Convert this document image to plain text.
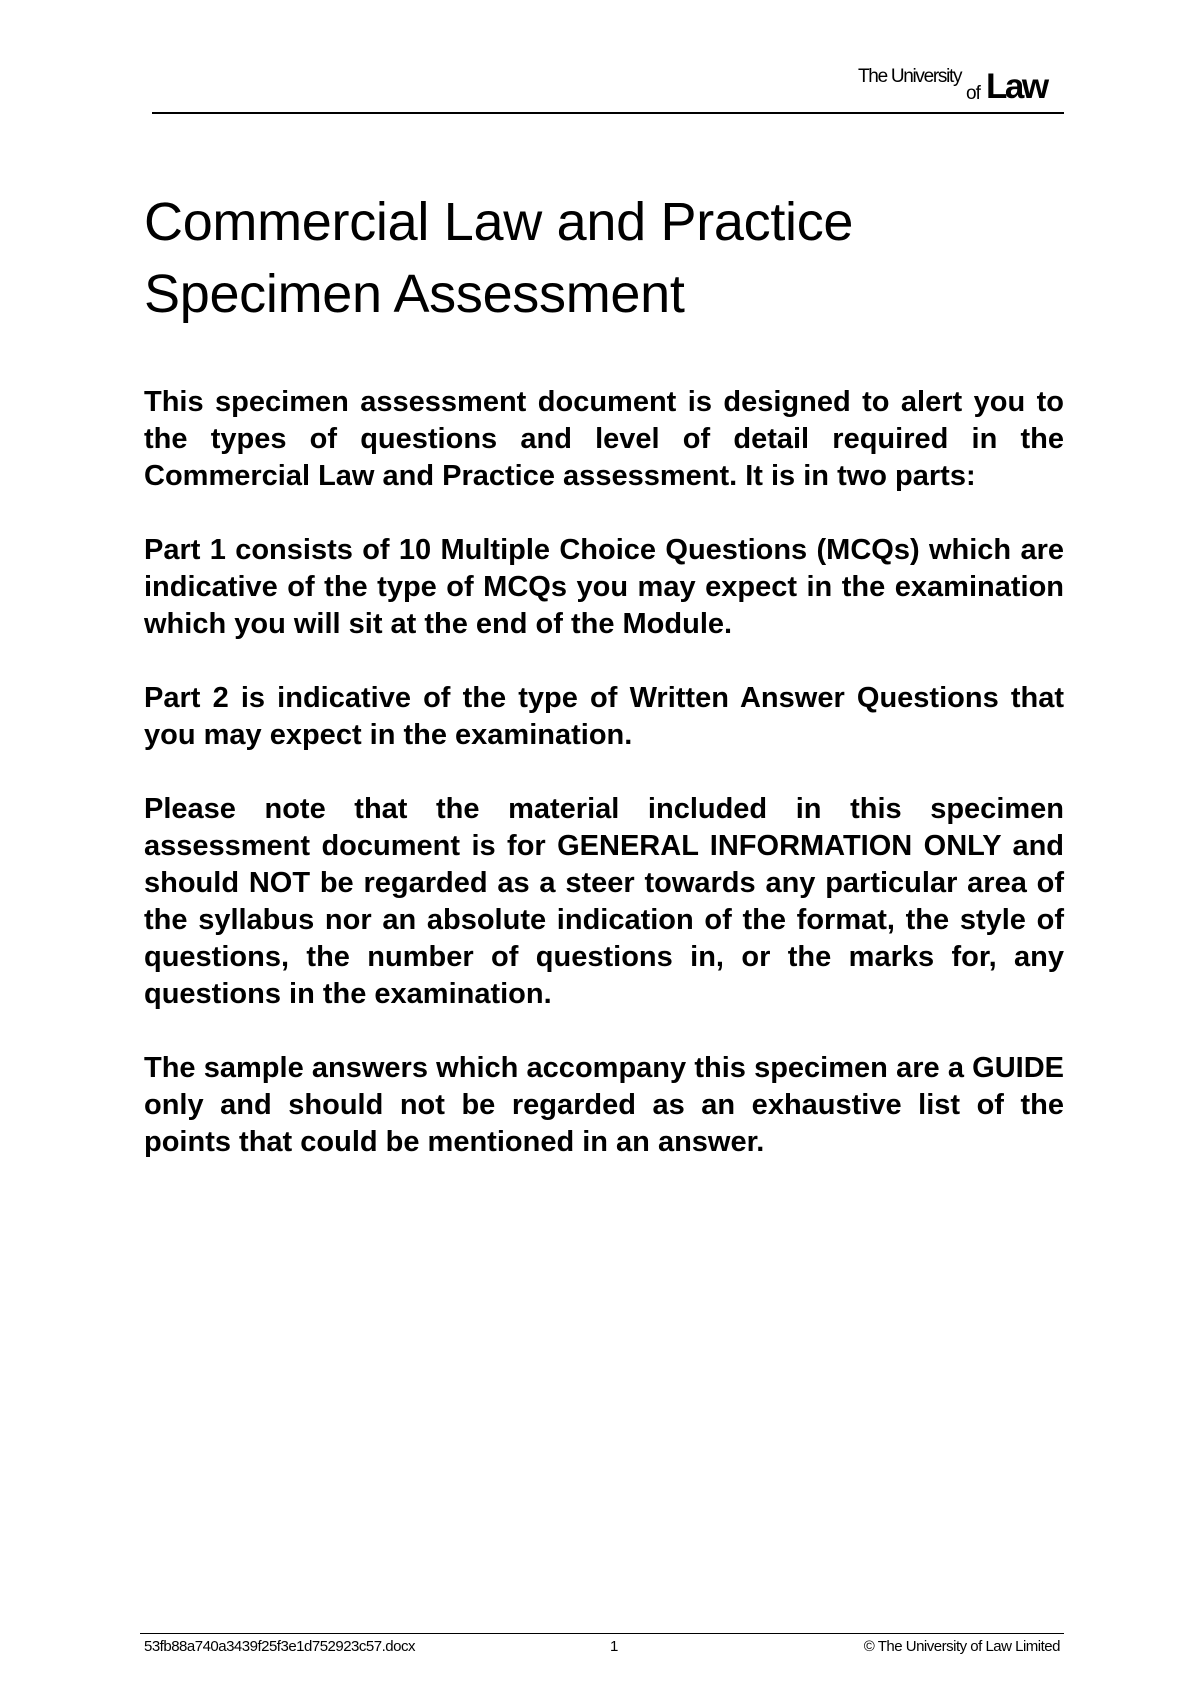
The University
of Law
Commercial Law and Practice
Specimen Assessment

This specimen assessment document is designed to alert you to the types of questions and level of detail required in the Commercial Law and Practice assessment. It is in two parts:

Part 1 consists of 10 Multiple Choice Questions (MCQs) which are indicative of the type of MCQs you may expect in the examination which you will sit at the end of the Module.

Part 2 is indicative of the type of Written Answer Questions that you may expect in the examination.

Please note that the material included in this specimen assessment document is for GENERAL INFORMATION ONLY and should NOT be regarded as a steer towards any particular area of the syllabus nor an absolute indication of the format, the style of questions, the number of questions in, or the marks for, any questions in the examination.

The sample answers which accompany this specimen are a GUIDE only and should not be regarded as an exhaustive list of the points that could be mentioned in an answer.

53fb88a740a3439f25f3e1d752923c57.docx	1	© The University of Law Limited
